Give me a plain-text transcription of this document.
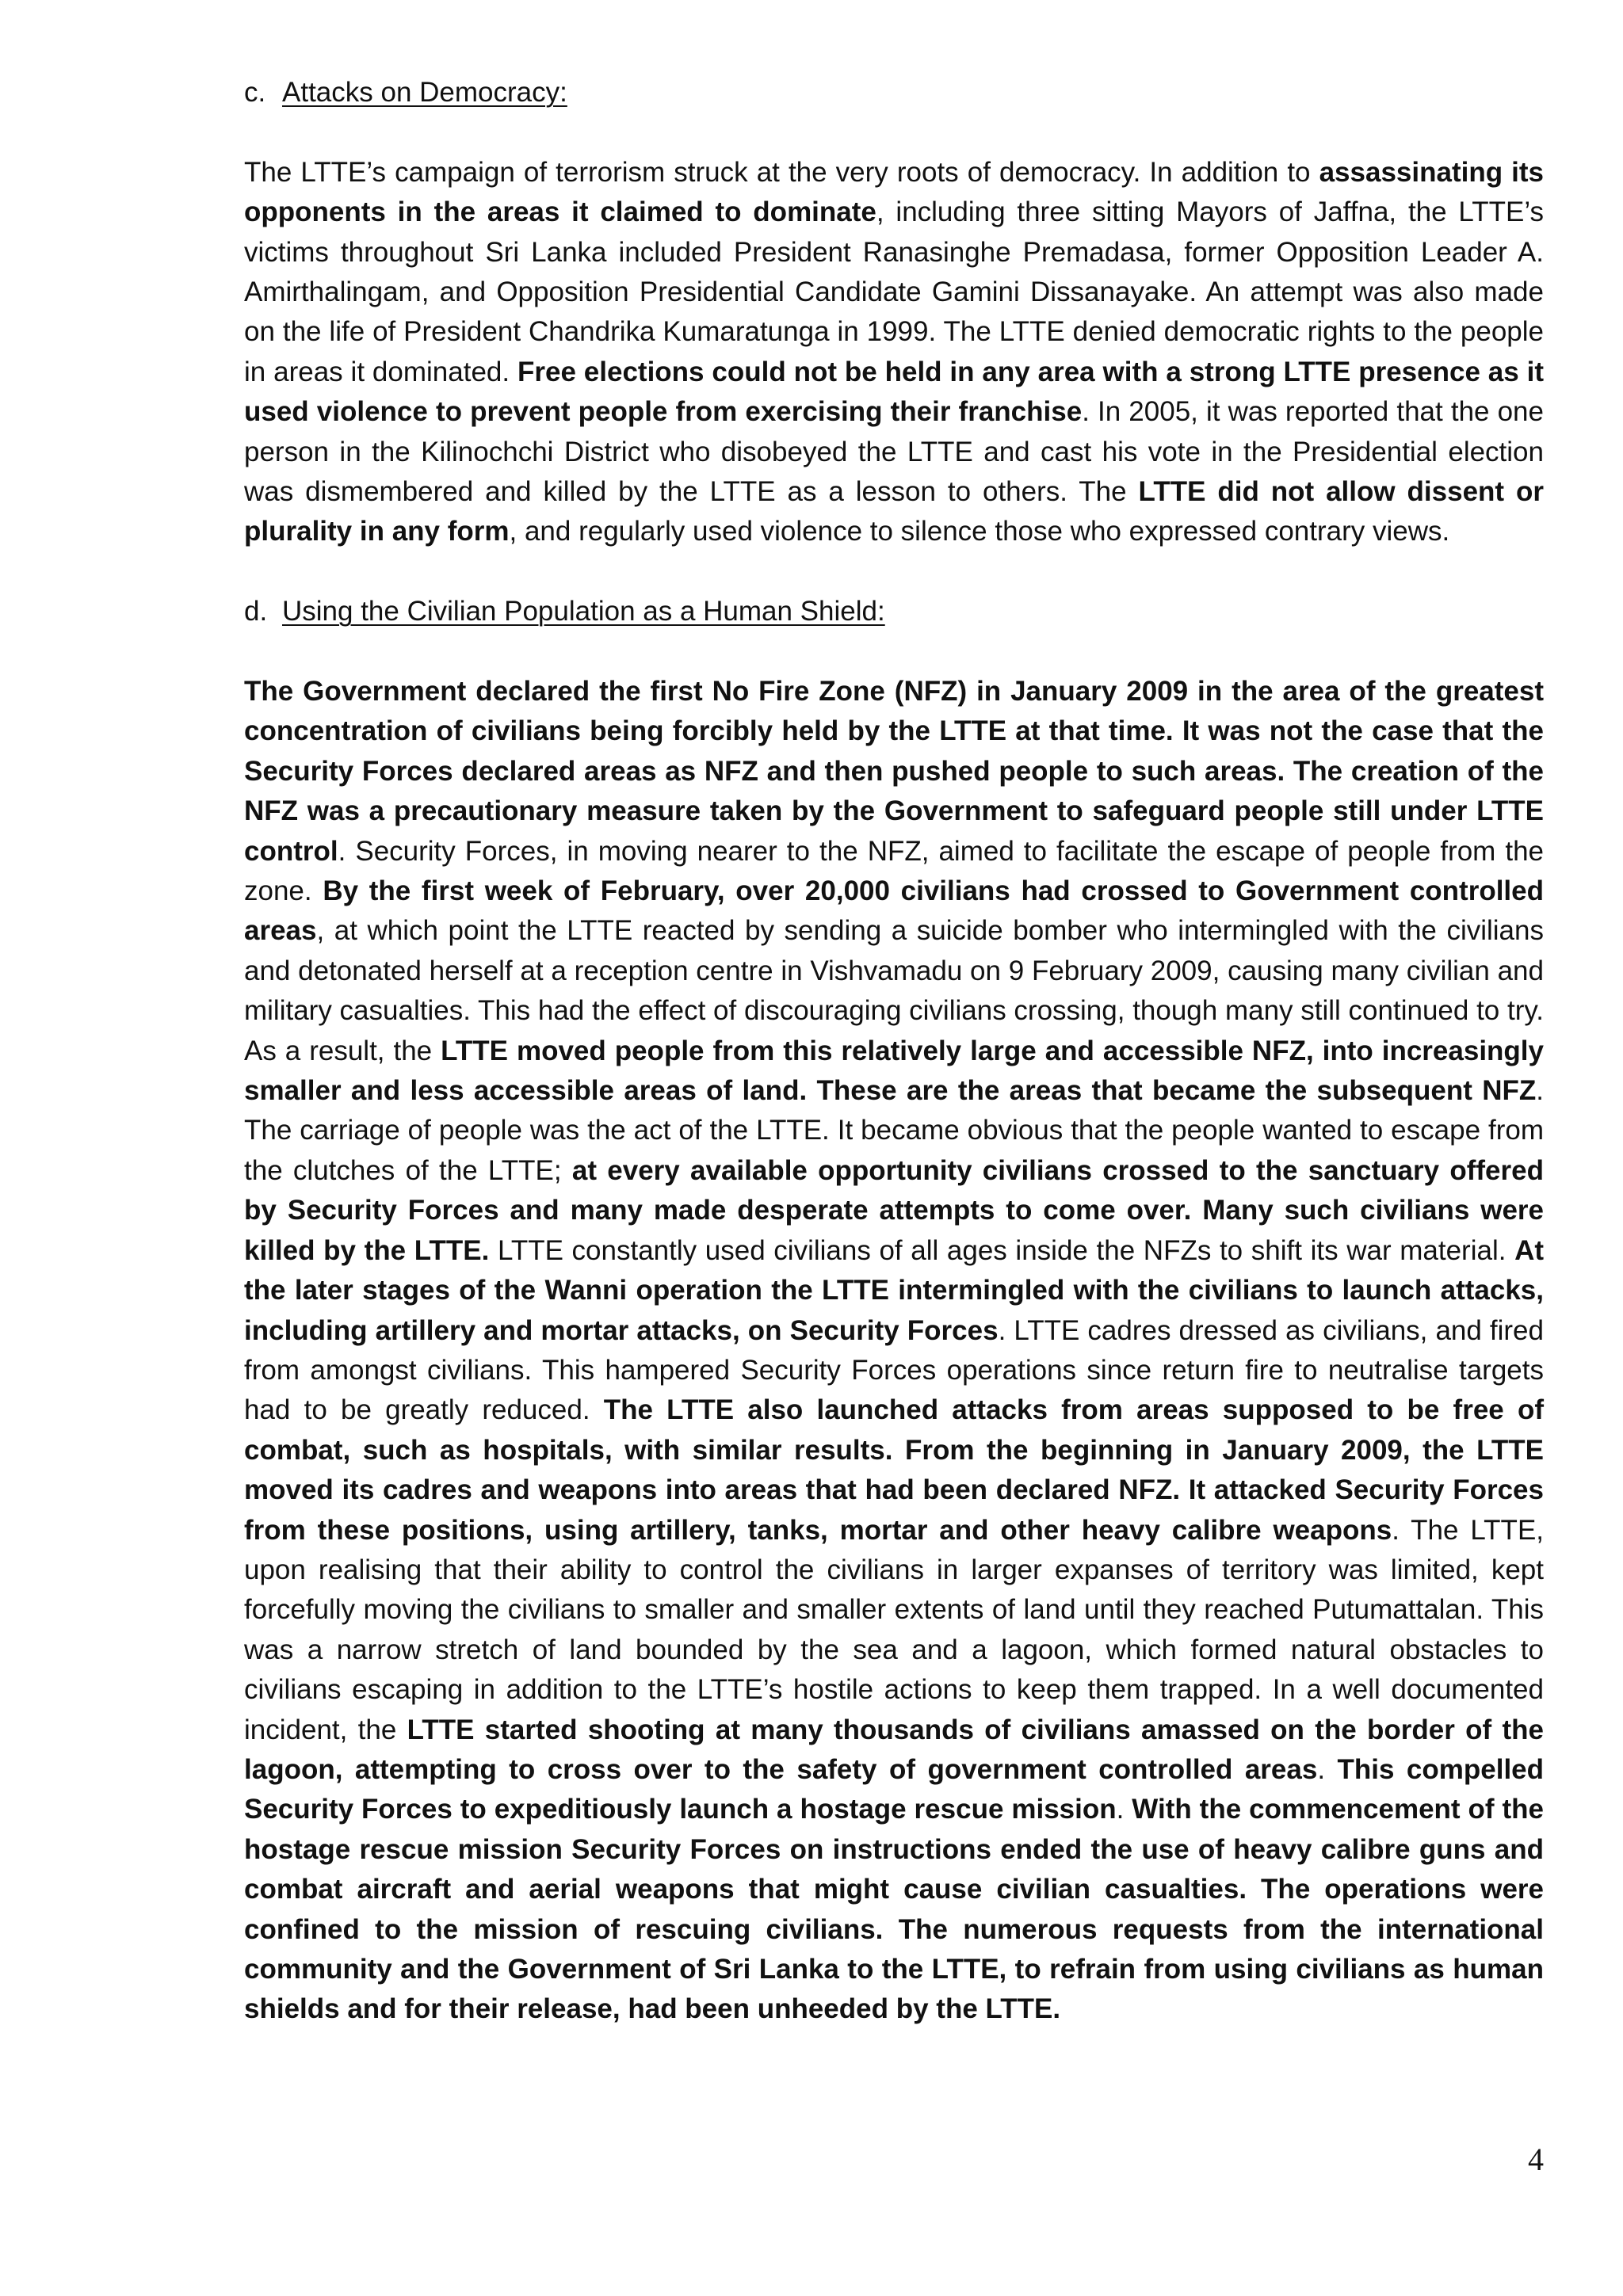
c. Attacks on Democracy:

The LTTE’s campaign of terrorism struck at the very roots of democracy. In addition to assassinating its opponents in the areas it claimed to dominate, including three sitting Mayors of Jaffna, the LTTE’s victims throughout Sri Lanka included President Ranasinghe Premadasa, former Opposition Leader A. Amirthalingam, and Opposition Presidential Candidate Gamini Dissanayake. An attempt was also made on the life of President Chandrika Kumaratunga in 1999. The LTTE denied democratic rights to the people in areas it dominated. Free elections could not be held in any area with a strong LTTE presence as it used violence to prevent people from exercising their franchise. In 2005, it was reported that the one person in the Kilinochchi District who disobeyed the LTTE and cast his vote in the Presidential election was dismembered and killed by the LTTE as a lesson to others. The LTTE did not allow dissent or plurality in any form, and regularly used violence to silence those who expressed contrary views.

d. Using the Civilian Population as a Human Shield:

The Government declared the first No Fire Zone (NFZ) in January 2009 in the area of the greatest concentration of civilians being forcibly held by the LTTE at that time. It was not the case that the Security Forces declared areas as NFZ and then pushed people to such areas. The creation of the NFZ was a precautionary measure taken by the Government to safeguard people still under LTTE control. Security Forces, in moving nearer to the NFZ, aimed to facilitate the escape of people from the zone. By the first week of February, over 20,000 civilians had crossed to Government controlled areas, at which point the LTTE reacted by sending a suicide bomber who intermingled with the civilians and detonated herself at a reception centre in Vishvamadu on 9 February 2009, causing many civilian and military casualties. This had the effect of discouraging civilians crossing, though many still continued to try. As a result, the LTTE moved people from this relatively large and accessible NFZ, into increasingly smaller and less accessible areas of land. These are the areas that became the subsequent NFZ. The carriage of people was the act of the LTTE. It became obvious that the people wanted to escape from the clutches of the LTTE; at every available opportunity civilians crossed to the sanctuary offered by Security Forces and many made desperate attempts to come over. Many such civilians were killed by the LTTE. LTTE constantly used civilians of all ages inside the NFZs to shift its war material. At the later stages of the Wanni operation the LTTE intermingled with the civilians to launch attacks, including artillery and mortar attacks, on Security Forces. LTTE cadres dressed as civilians, and fired from amongst civilians. This hampered Security Forces operations since return fire to neutralise targets had to be greatly reduced. The LTTE also launched attacks from areas supposed to be free of combat, such as hospitals, with similar results. From the beginning in January 2009, the LTTE moved its cadres and weapons into areas that had been declared NFZ. It attacked Security Forces from these positions, using artillery, tanks, mortar and other heavy calibre weapons. The LTTE, upon realising that their ability to control the civilians in larger expanses of territory was limited, kept forcefully moving the civilians to smaller and smaller extents of land until they reached Putumattalan. This was a narrow stretch of land bounded by the sea and a lagoon, which formed natural obstacles to civilians escaping in addition to the LTTE’s hostile actions to keep them trapped. In a well documented incident, the LTTE started shooting at many thousands of civilians amassed on the border of the lagoon, attempting to cross over to the safety of government controlled areas. This compelled Security Forces to expeditiously launch a hostage rescue mission. With the commencement of the hostage rescue mission Security Forces on instructions ended the use of heavy calibre guns and combat aircraft and aerial weapons that might cause civilian casualties. The operations were confined to the mission of rescuing civilians. The numerous requests from the international community and the Government of Sri Lanka to the LTTE, to refrain from using civilians as human shields and for their release, had been unheeded by the LTTE.

4
